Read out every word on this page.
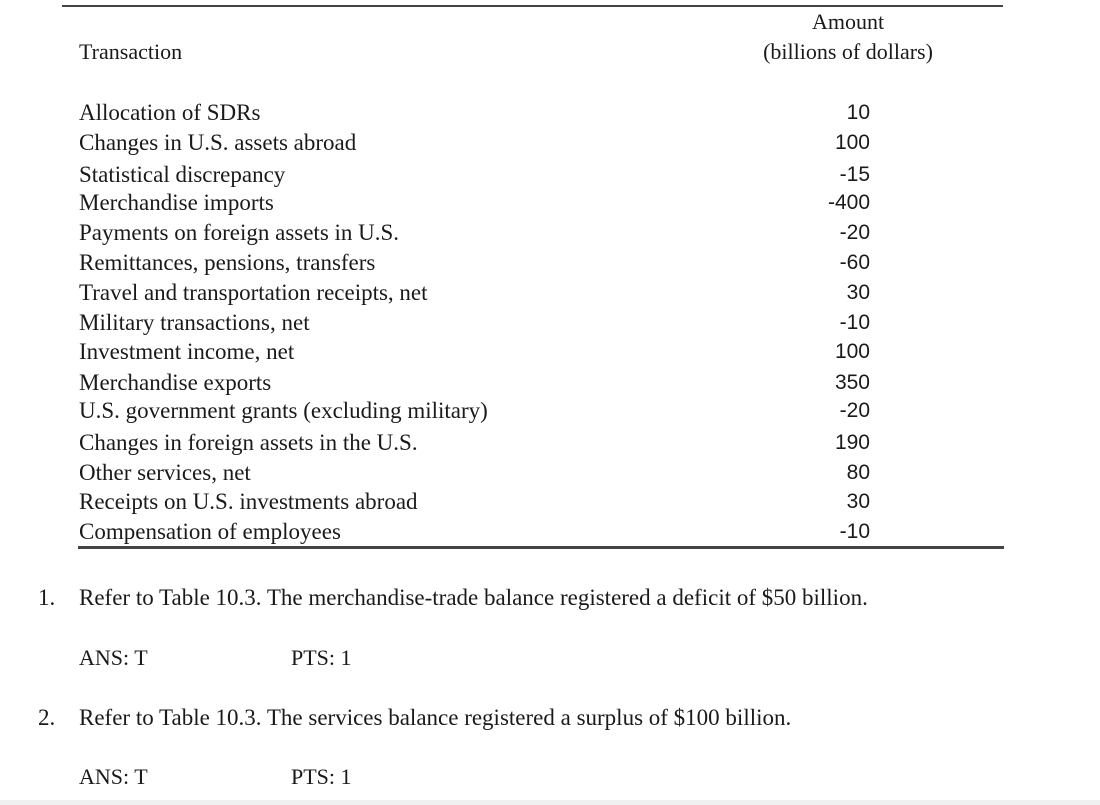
Transaction
Amount
(billions of dollars)
Allocation of SDRs	10
Changes in U.S. assets abroad	100
Statistical discrepancy	-15
Merchandise imports	-400
Payments on foreign assets in U.S.	-20
Remittances, pensions, transfers	-60
Travel and transportation receipts, net	30
Military transactions, net	-10
Investment income, net	100
Merchandise exports	350
U.S. government grants (excluding military)	-20
Changes in foreign assets in the U.S.	190
Other services, net	80
Receipts on U.S. investments abroad	30
Compensation of employees	-10
1. Refer to Table 10.3. The merchandise-trade balance registered a deficit of $50 billion.
ANS: T	PTS: 1
2. Refer to Table 10.3. The services balance registered a surplus of $100 billion.
ANS: T	PTS: 1
